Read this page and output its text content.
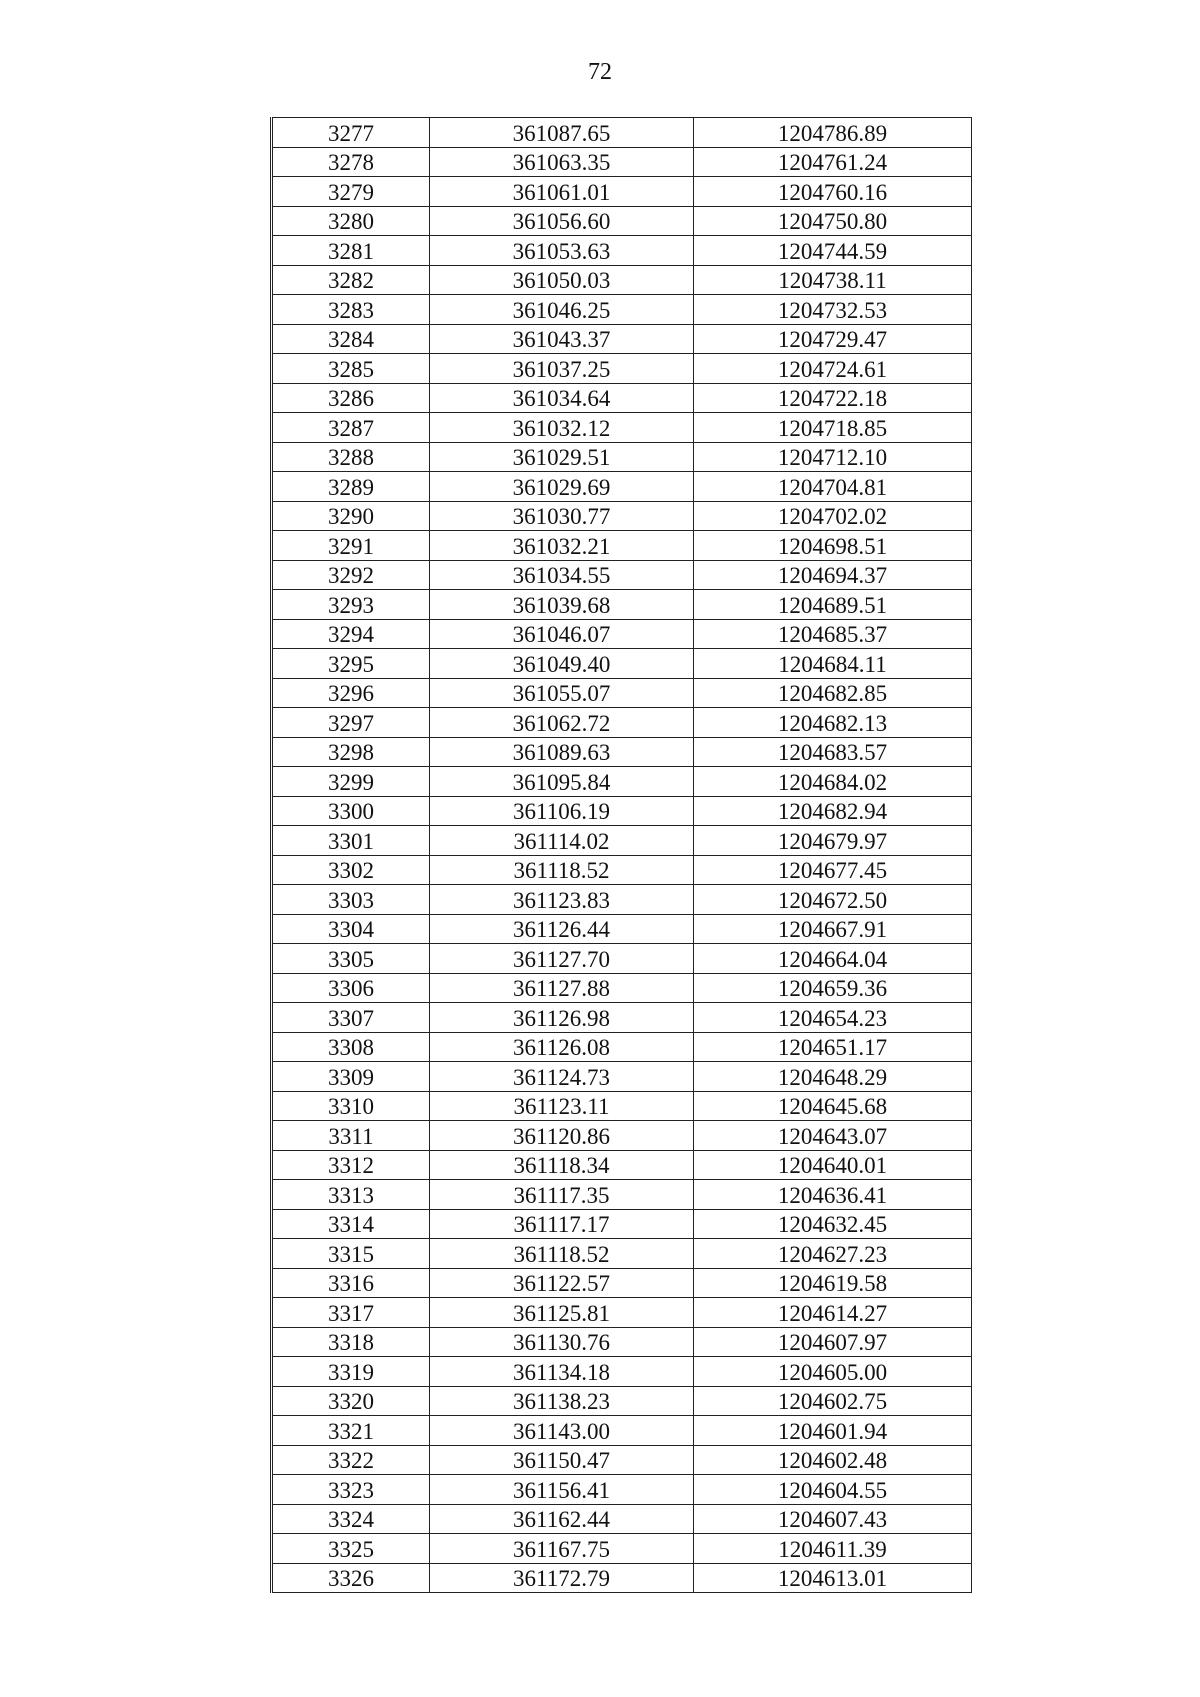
72
3277	361087.65	1204786.89
3278	361063.35	1204761.24
3279	361061.01	1204760.16
3280	361056.60	1204750.80
3281	361053.63	1204744.59
3282	361050.03	1204738.11
3283	361046.25	1204732.53
3284	361043.37	1204729.47
3285	361037.25	1204724.61
3286	361034.64	1204722.18
3287	361032.12	1204718.85
3288	361029.51	1204712.10
3289	361029.69	1204704.81
3290	361030.77	1204702.02
3291	361032.21	1204698.51
3292	361034.55	1204694.37
3293	361039.68	1204689.51
3294	361046.07	1204685.37
3295	361049.40	1204684.11
3296	361055.07	1204682.85
3297	361062.72	1204682.13
3298	361089.63	1204683.57
3299	361095.84	1204684.02
3300	361106.19	1204682.94
3301	361114.02	1204679.97
3302	361118.52	1204677.45
3303	361123.83	1204672.50
3304	361126.44	1204667.91
3305	361127.70	1204664.04
3306	361127.88	1204659.36
3307	361126.98	1204654.23
3308	361126.08	1204651.17
3309	361124.73	1204648.29
3310	361123.11	1204645.68
3311	361120.86	1204643.07
3312	361118.34	1204640.01
3313	361117.35	1204636.41
3314	361117.17	1204632.45
3315	361118.52	1204627.23
3316	361122.57	1204619.58
3317	361125.81	1204614.27
3318	361130.76	1204607.97
3319	361134.18	1204605.00
3320	361138.23	1204602.75
3321	361143.00	1204601.94
3322	361150.47	1204602.48
3323	361156.41	1204604.55
3324	361162.44	1204607.43
3325	361167.75	1204611.39
3326	361172.79	1204613.01
